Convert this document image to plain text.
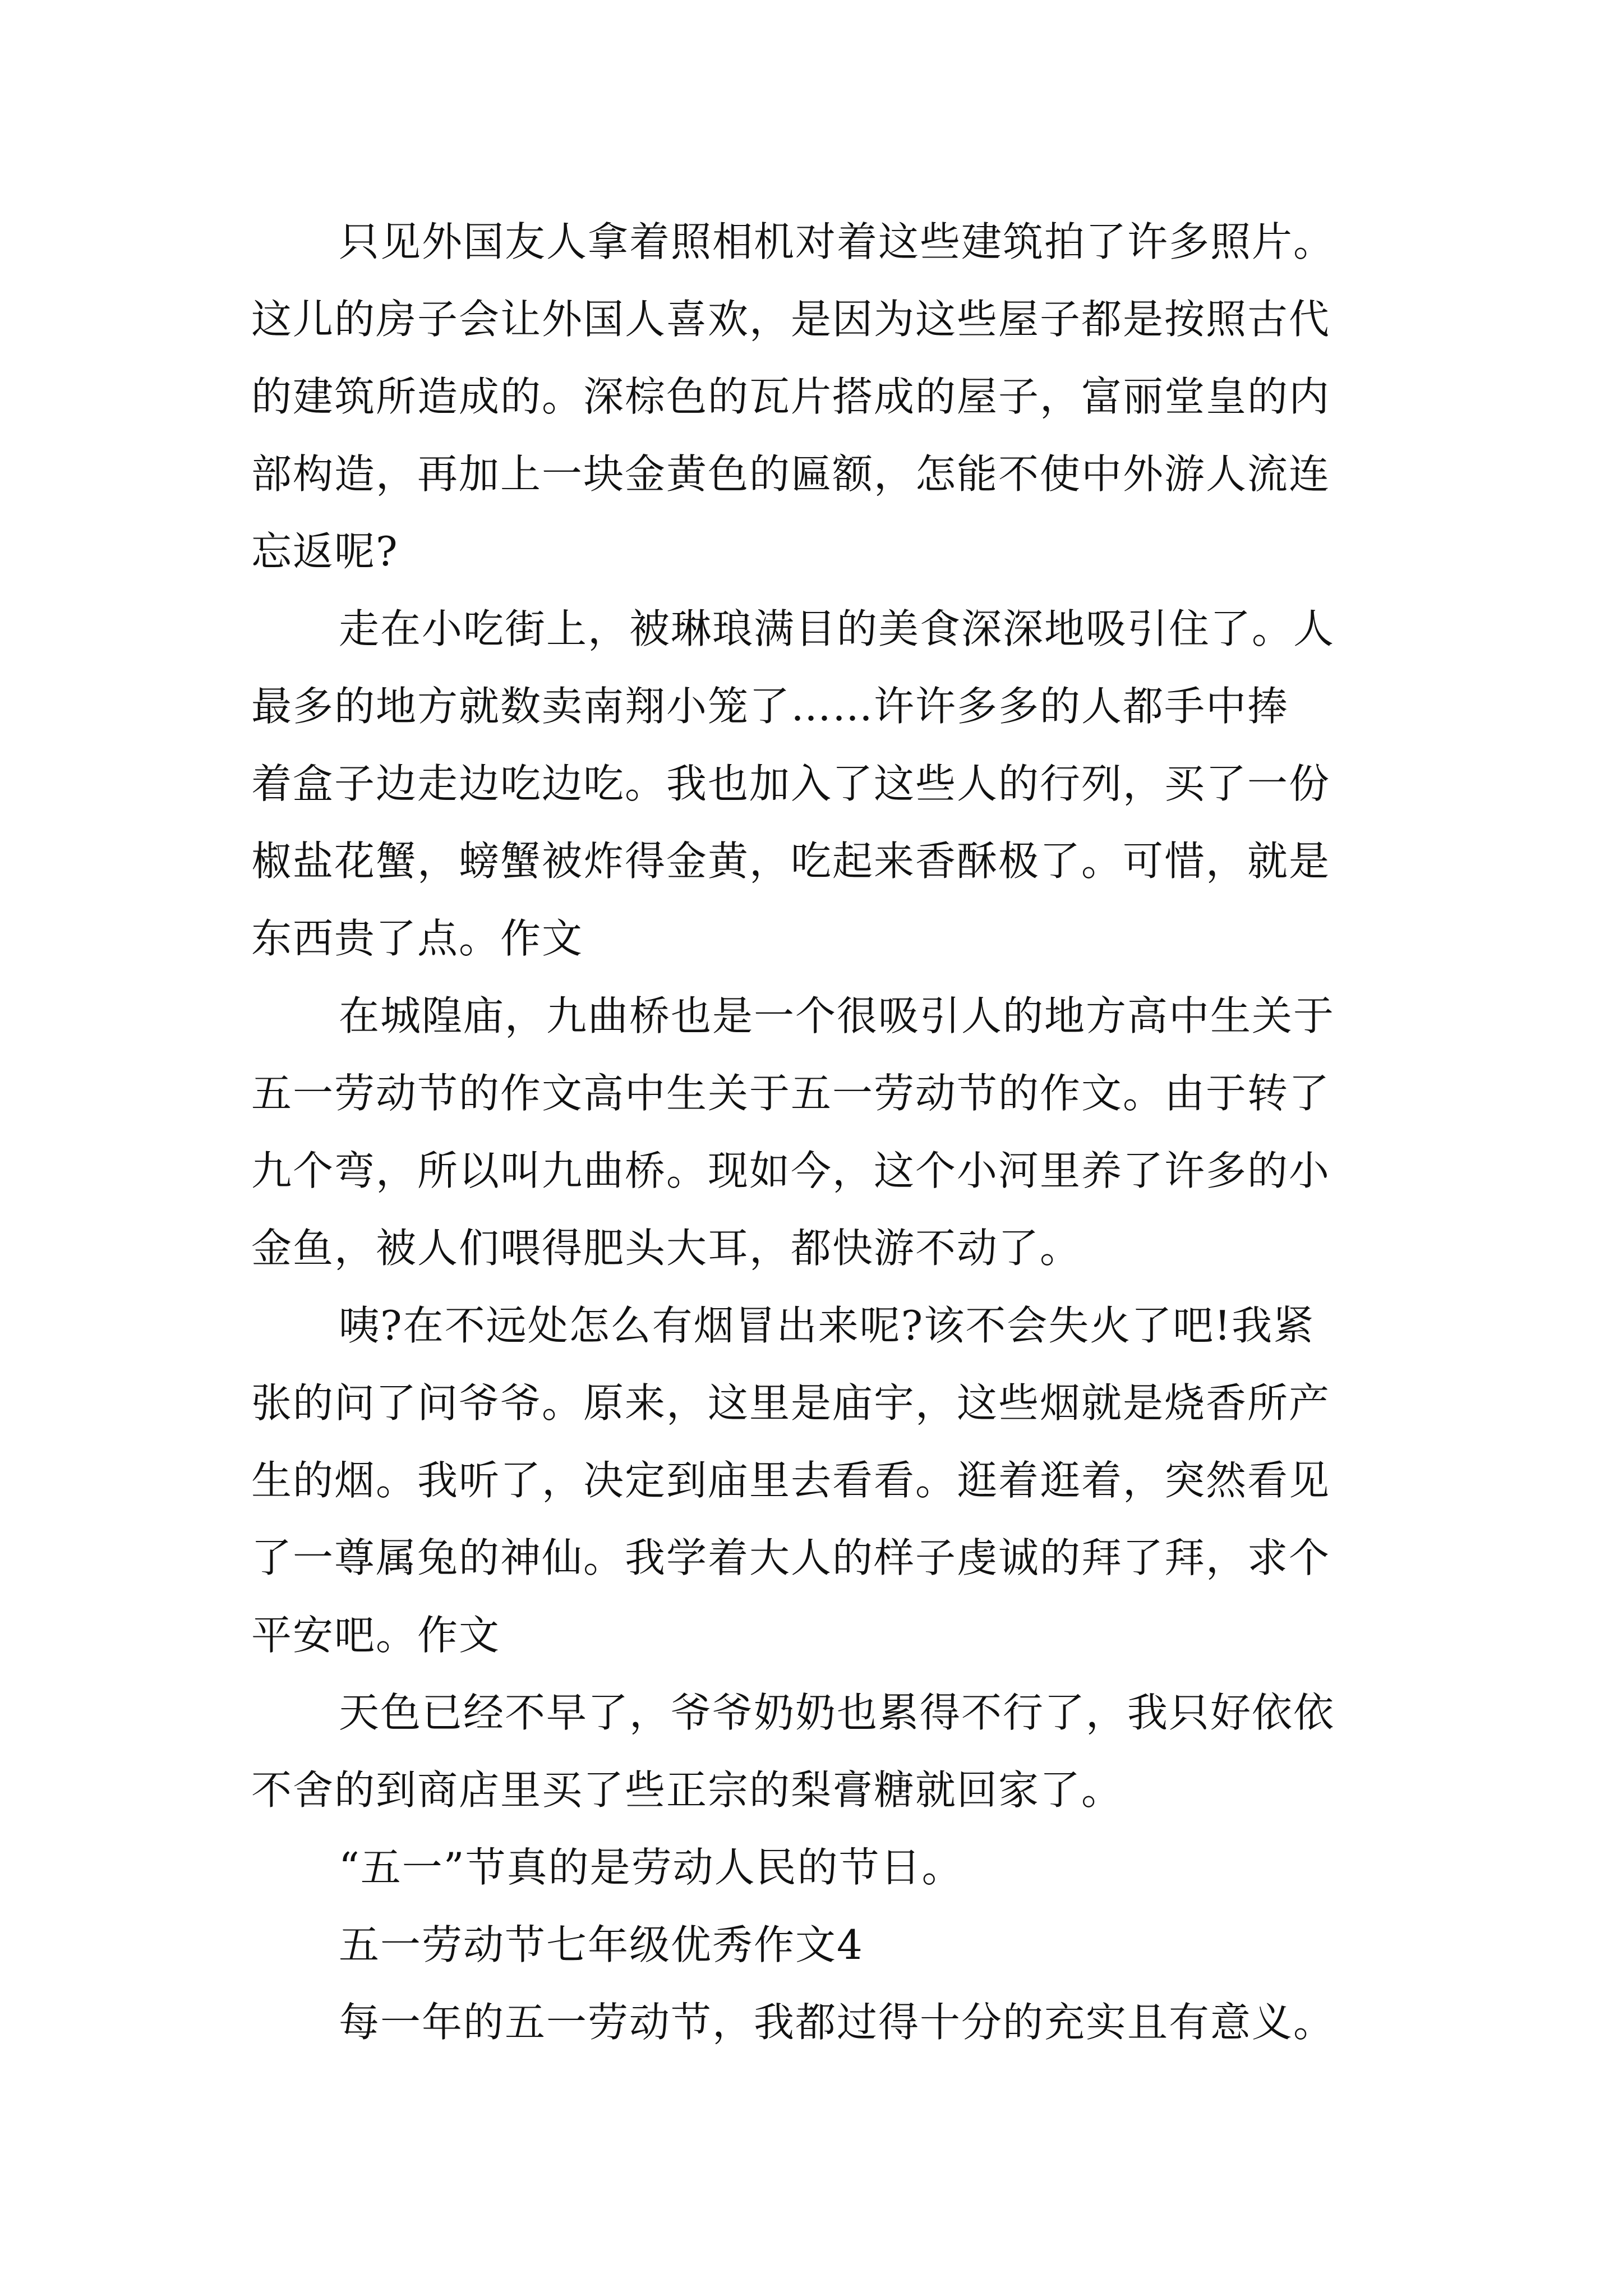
只见外国友人拿着照相机对着这些建筑拍了许多照片。
这儿的房子会让外国人喜欢，是因为这些屋子都是按照古代
的建筑所造成的。深棕色的瓦片搭成的屋子，富丽堂皇的内
部构造，再加上一块金黄色的匾额，怎能不使中外游人流连
忘返呢?
走在小吃街上，被琳琅满目的美食深深地吸引住了。人
最多的地方就数卖南翔小笼了……许许多多的人都手中捧
着盒子边走边吃边吃。我也加入了这些人的行列，买了一份
椒盐花蟹，螃蟹被炸得金黄，吃起来香酥极了。可惜，就是
东西贵了点。作文
在城隍庙，九曲桥也是一个很吸引人的地方高中生关于
五一劳动节的作文高中生关于五一劳动节的作文。由于转了
九个弯，所以叫九曲桥。现如今，这个小河里养了许多的小
金鱼，被人们喂得肥头大耳，都快游不动了。
咦?在不远处怎么有烟冒出来呢?该不会失火了吧!我紧
张的问了问爷爷。原来，这里是庙宇，这些烟就是烧香所产
生的烟。我听了，决定到庙里去看看。逛着逛着，突然看见
了一尊属兔的神仙。我学着大人的样子虔诚的拜了拜，求个
平安吧。作文
天色已经不早了，爷爷奶奶也累得不行了，我只好依依
不舍的到商店里买了些正宗的梨膏糖就回家了。
“五一”节真的是劳动人民的节日。
五一劳动节七年级优秀作文4
每一年的五一劳动节，我都过得十分的充实且有意义。
